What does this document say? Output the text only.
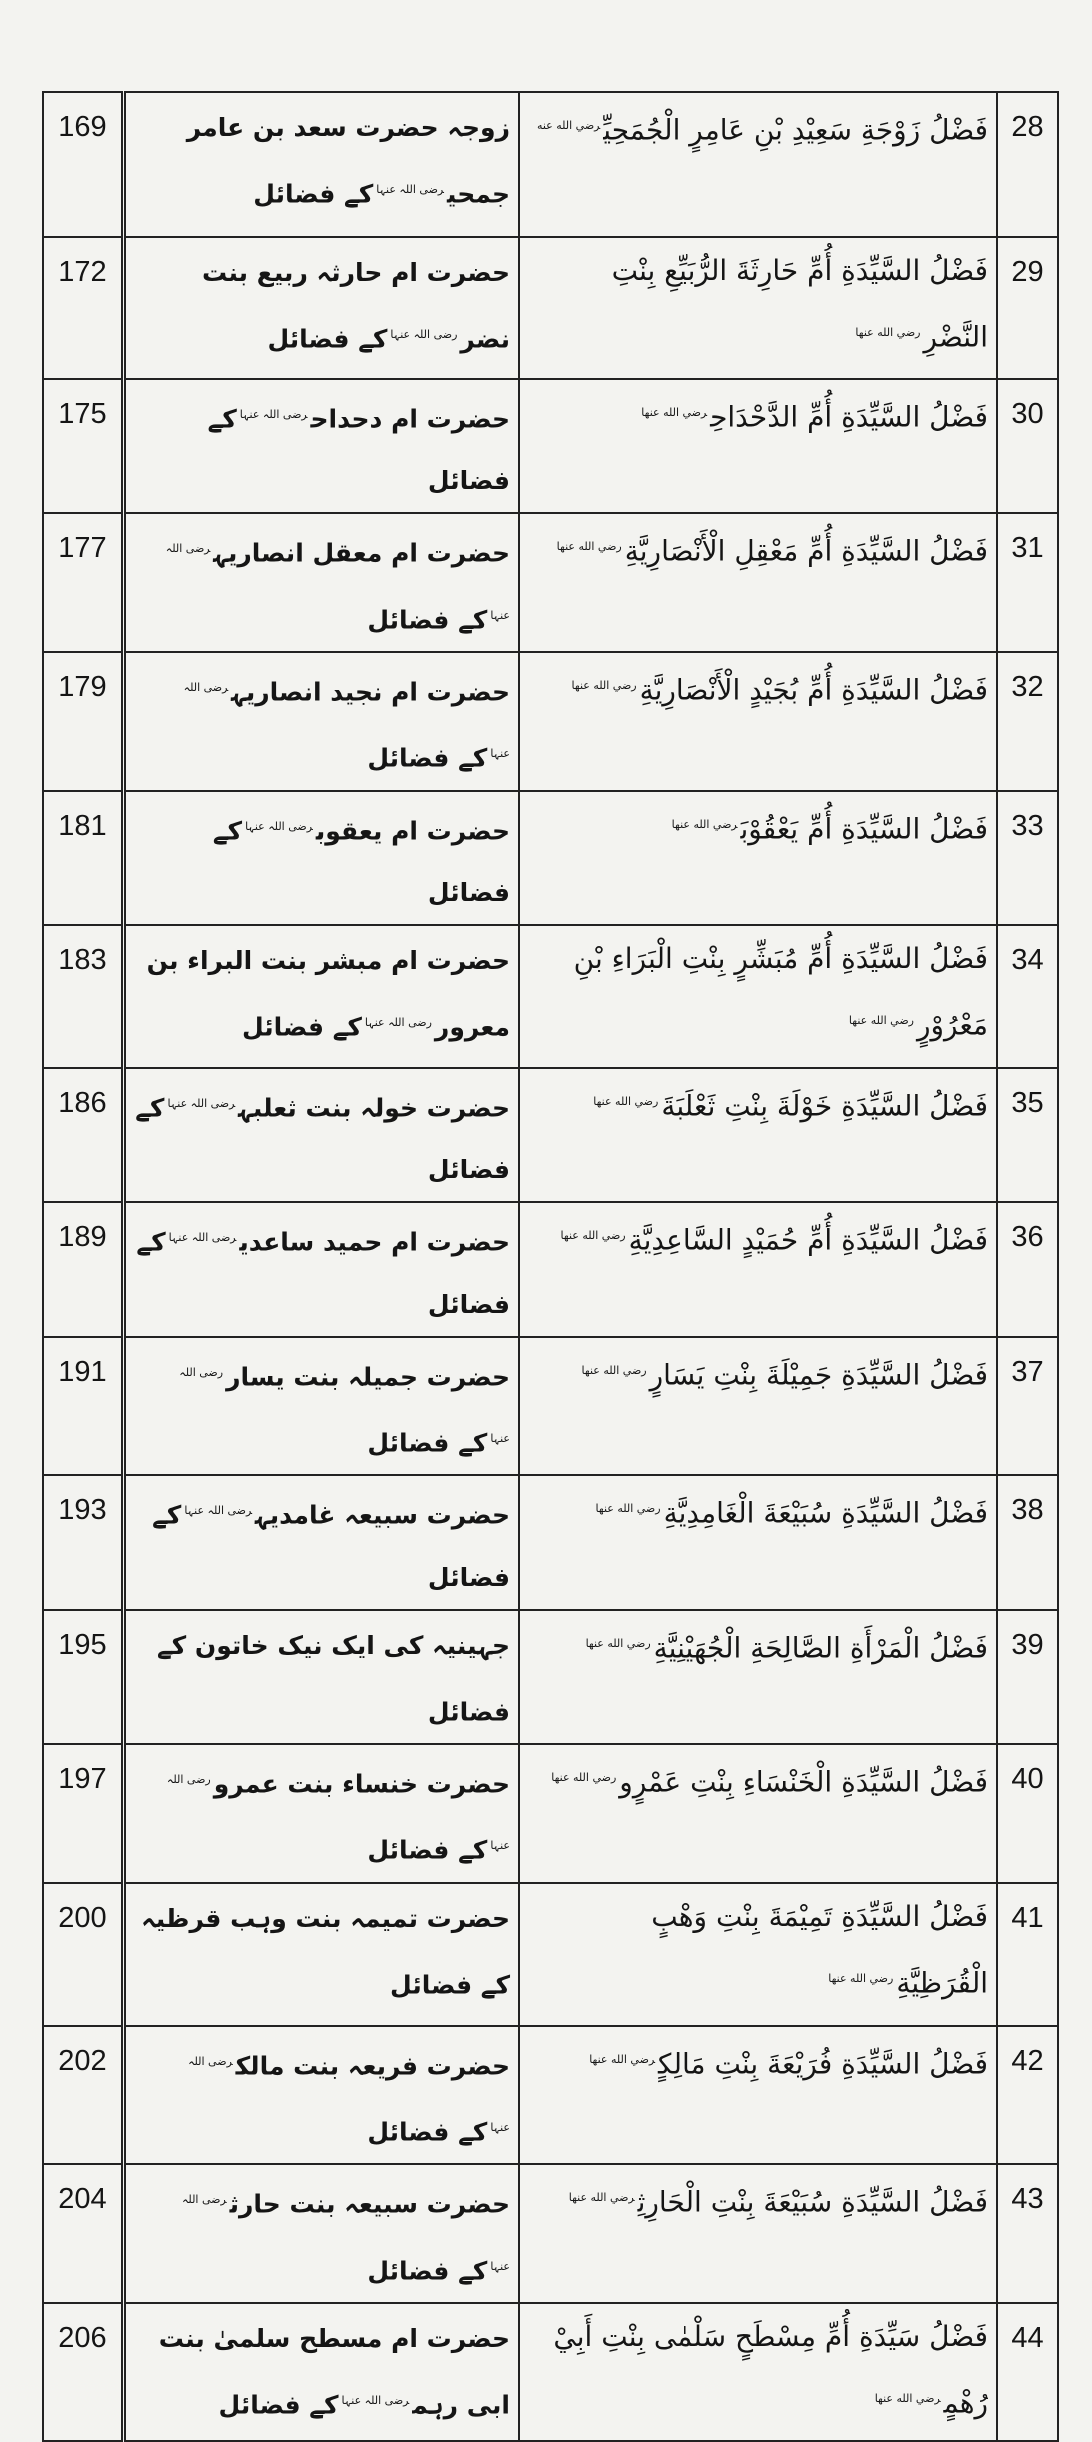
169	زوجہ حضرت سعد بن عامر جمحی$^{رضی اللہ عنہا}$کے فضائل	فَضْلُ زَوْجَةِ سَعِيْدِ بْنِ عَامِرٍ الْجُمَحِيِّ$^{رضي الله عنه}$	28
172	حضرت ام حارثہ ربیع بنت نضر$^{رضی اللہ عنہا}$کے فضائل	فَضْلُ السَّيِّدَةِ أُمِّ حَارِثَةَ الرُّبَيِّعِ بِنْتِ النَّضْرِ$^{رضي الله عنها}$	29
175	حضرت ام دحداح$^{رضی اللہ عنہا}$کے فضائل	فَضْلُ السَّيِّدَةِ أُمِّ الدَّحْدَاحِ$^{رضي الله عنها}$	30
177	حضرت ام معقل انصاریہ$^{رضی اللہ عنہا}$کے فضائل	فَضْلُ السَّيِّدَةِ أُمِّ مَعْقِلِ الْأَنْصَارِيَّةِ$^{رضي الله عنها}$	31
179	حضرت ام نجید انصاریہ$^{رضی اللہ عنہا}$کے فضائل	فَضْلُ السَّيِّدَةِ أُمِّ بُجَيْدٍ الْأَنْصَارِيَّةِ$^{رضي الله عنها}$	32
181	حضرت ام یعقوب$^{رضی اللہ عنہا}$کے فضائل	فَضْلُ السَّيِّدَةِ أُمِّ يَعْقُوْبَ$^{رضي الله عنها}$	33
183	حضرت ام مبشر بنت البراء بن معرور$^{رضی اللہ عنہا}$کے فضائل	فَضْلُ السَّيِّدَةِ أُمِّ مُبَشِّرٍ بِنْتِ الْبَرَاءِ بْنِ مَعْرُوْرٍ$^{رضي الله عنها}$	34
186	حضرت خولہ بنت ثعلبہ$^{رضی اللہ عنہا}$کے فضائل	فَضْلُ السَّيِّدَةِ خَوْلَةَ بِنْتِ ثَعْلَبَةَ$^{رضي الله عنها}$	35
189	حضرت ام حمید ساعدی$^{رضی اللہ عنہا}$کے فضائل	فَضْلُ السَّيِّدَةِ أُمِّ حُمَيْدٍ السَّاعِدِيَّةِ$^{رضي الله عنها}$	36
191	حضرت جمیلہ بنت یسار$^{رضی اللہ عنہا}$کے فضائل	فَضْلُ السَّيِّدَةِ جَمِيْلَةَ بِنْتِ يَسَارٍ$^{رضي الله عنها}$	37
193	حضرت سبیعہ غامدیہ$^{رضی اللہ عنہا}$کے فضائل	فَضْلُ السَّيِّدَةِ سُبَيْعَةَ الْغَامِدِيَّةِ$^{رضي الله عنها}$	38
195	جہینیہ کی ایک نیک خاتون کے فضائل	فَضْلُ الْمَرْأَةِ الصَّالِحَةِ الْجُهَيْنِيَّةِ$^{رضي الله عنها}$	39
197	حضرت خنساء بنت عمرو$^{رضی اللہ عنہا}$کے فضائل	فَضْلُ السَّيِّدَةِ الْخَنْسَاءِ بِنْتِ عَمْرٍو$^{رضي الله عنها}$	40
200	حضرت تمیمہ بنت وہب قرظیہ کے فضائل	فَضْلُ السَّيِّدَةِ تَمِيْمَةَ بِنْتِ وَهْبٍ الْقُرَظِيَّةِ$^{رضي الله عنها}$	41
202	حضرت فریعہ بنت مالک$^{رضی اللہ عنہا}$کے فضائل	فَضْلُ السَّيِّدَةِ فُرَيْعَةَ بِنْتِ مَالِكٍ$^{رضي الله عنها}$	42
204	حضرت سبیعہ بنت حارث$^{رضی اللہ عنہا}$کے فضائل	فَضْلُ السَّيِّدَةِ سُبَيْعَةَ بِنْتِ الْحَارِثِ$^{رضي الله عنها}$	43
206	حضرت ام مسطح سلمیٰ بنت ابی رہم$^{رضی اللہ عنہا}$کے فضائل	فَضْلُ سَيِّدَةِ أُمِّ مِسْطَحٍ سَلْمٰى بِنْتِ أَبِيْ رُهْمٍ$^{رضي الله عنها}$	44
